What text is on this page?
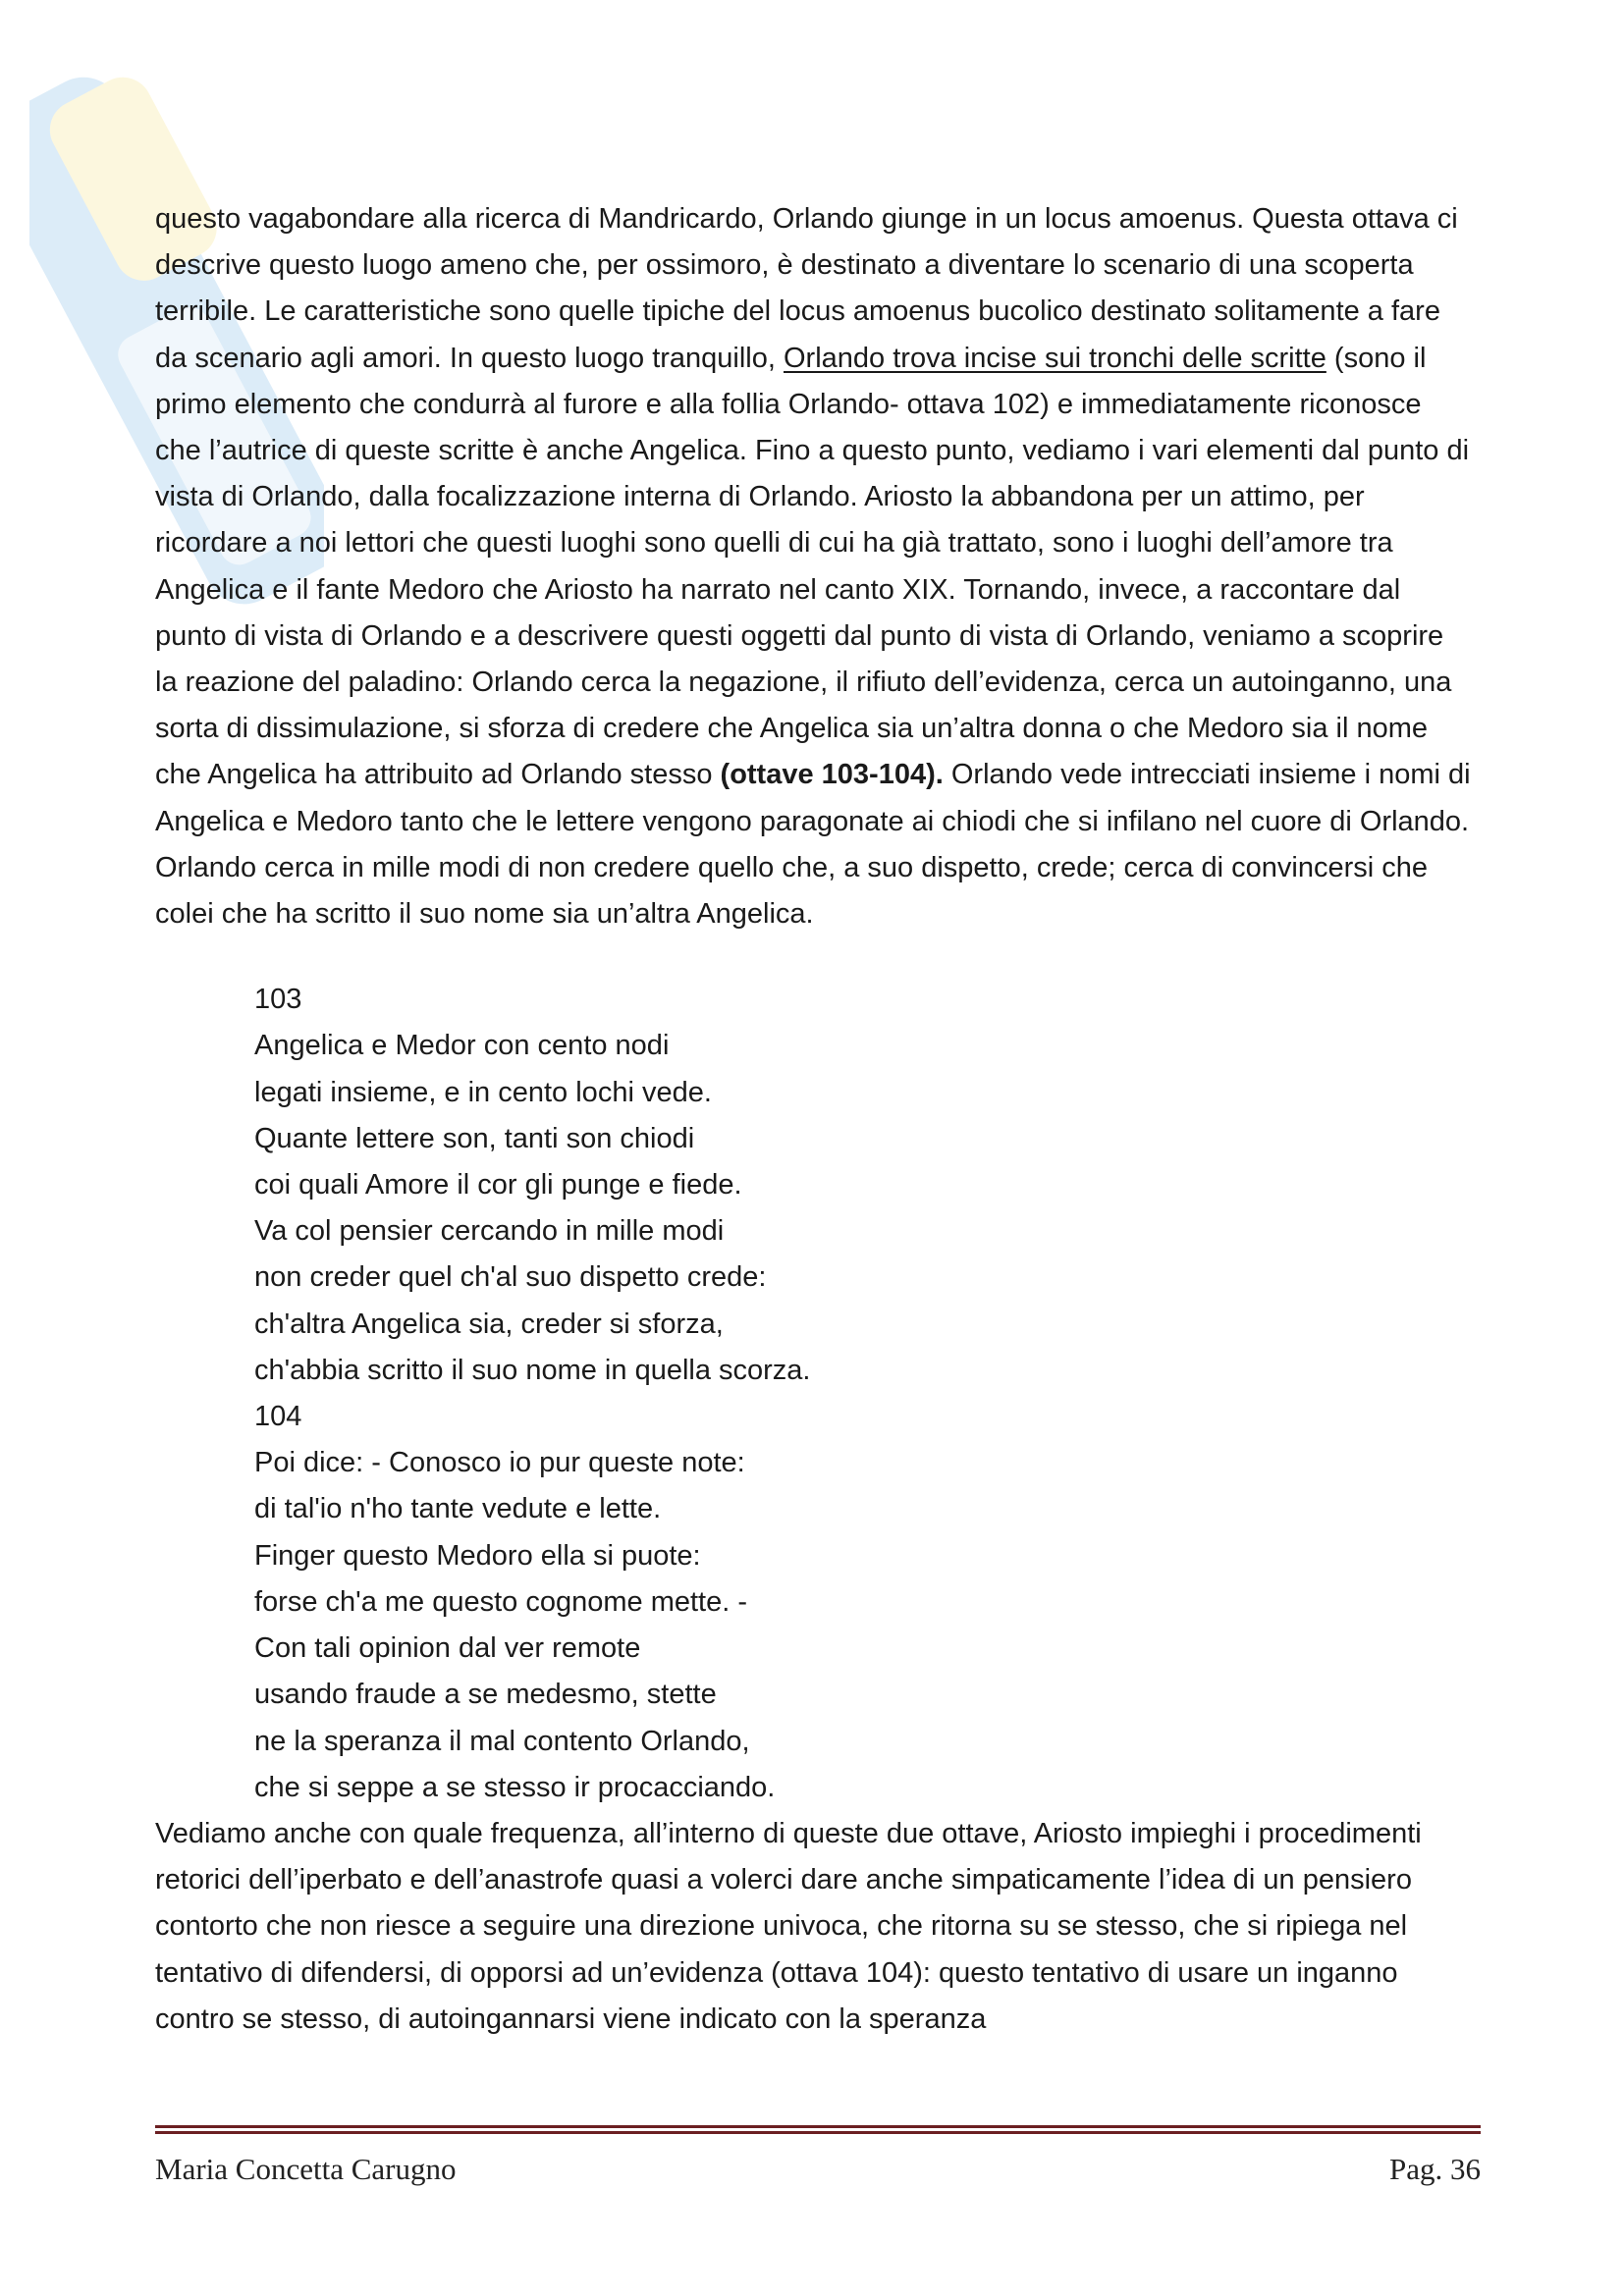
questo vagabondare alla ricerca di Mandricardo, Orlando giunge in un locus amoenus. Questa ottava ci descrive questo luogo ameno che, per ossimoro, è destinato a diventare lo scenario di una scoperta terribile. Le caratteristiche sono quelle tipiche del locus amoenus bucolico destinato solitamente a fare da scenario agli amori. In questo luogo tranquillo, Orlando trova incise sui tronchi delle scritte (sono il primo elemento che condurrà al furore e alla follia Orlando- ottava 102) e immediatamente riconosce che l’autrice di queste scritte è anche Angelica. Fino a questo punto, vediamo i vari elementi dal punto di vista di Orlando, dalla focalizzazione interna di Orlando. Ariosto la abbandona per un attimo, per ricordare a noi lettori che questi luoghi sono quelli di cui ha già trattato, sono i luoghi dell’amore tra Angelica e il fante Medoro che Ariosto ha narrato nel canto XIX. Tornando, invece, a raccontare dal punto di vista di Orlando e a descrivere questi oggetti dal punto di vista di Orlando, veniamo a scoprire la reazione del paladino: Orlando cerca la negazione, il rifiuto dell’evidenza, cerca un autoinganno, una sorta di dissimulazione, si sforza di credere che Angelica sia un’altra donna o che Medoro sia il nome che Angelica ha attribuito ad Orlando stesso (ottave 103-104). Orlando vede intrecciati insieme i nomi di Angelica e Medoro tanto che le lettere vengono paragonate ai chiodi che si infilano nel cuore di Orlando. Orlando cerca in mille modi di non credere quello che, a suo dispetto, crede; cerca di convincersi che colei che ha scritto il suo nome sia un’altra Angelica.

103
Angelica e Medor con cento nodi
legati insieme, e in cento lochi vede.
Quante lettere son, tanti son chiodi
coi quali Amore il cor gli punge e fiede.
Va col pensier cercando in mille modi
non creder quel ch'al suo dispetto crede:
ch'altra Angelica sia, creder si sforza,
ch'abbia scritto il suo nome in quella scorza.
104
Poi dice: - Conosco io pur queste note:
di tal'io n'ho tante vedute e lette.
Finger questo Medoro ella si puote:
forse ch'a me questo cognome mette. -
Con tali opinion dal ver remote
usando fraude a se medesmo, stette
ne la speranza il mal contento Orlando,
che si seppe a se stesso ir procacciando.

Vediamo anche con quale frequenza, all’interno di queste due ottave, Ariosto impieghi i procedimenti retorici dell’iperbato e dell’anastrofe quasi a volerci dare anche simpaticamente l’idea di un pensiero contorto che non riesce a seguire una direzione univoca, che ritorna su se stesso, che si ripiega nel tentativo di difendersi, di opporsi ad un’evidenza (ottava 104): questo tentativo di usare un inganno contro se stesso, di autoingannarsi viene indicato con la speranza

Maria Concetta Carugno	Pag. 36
